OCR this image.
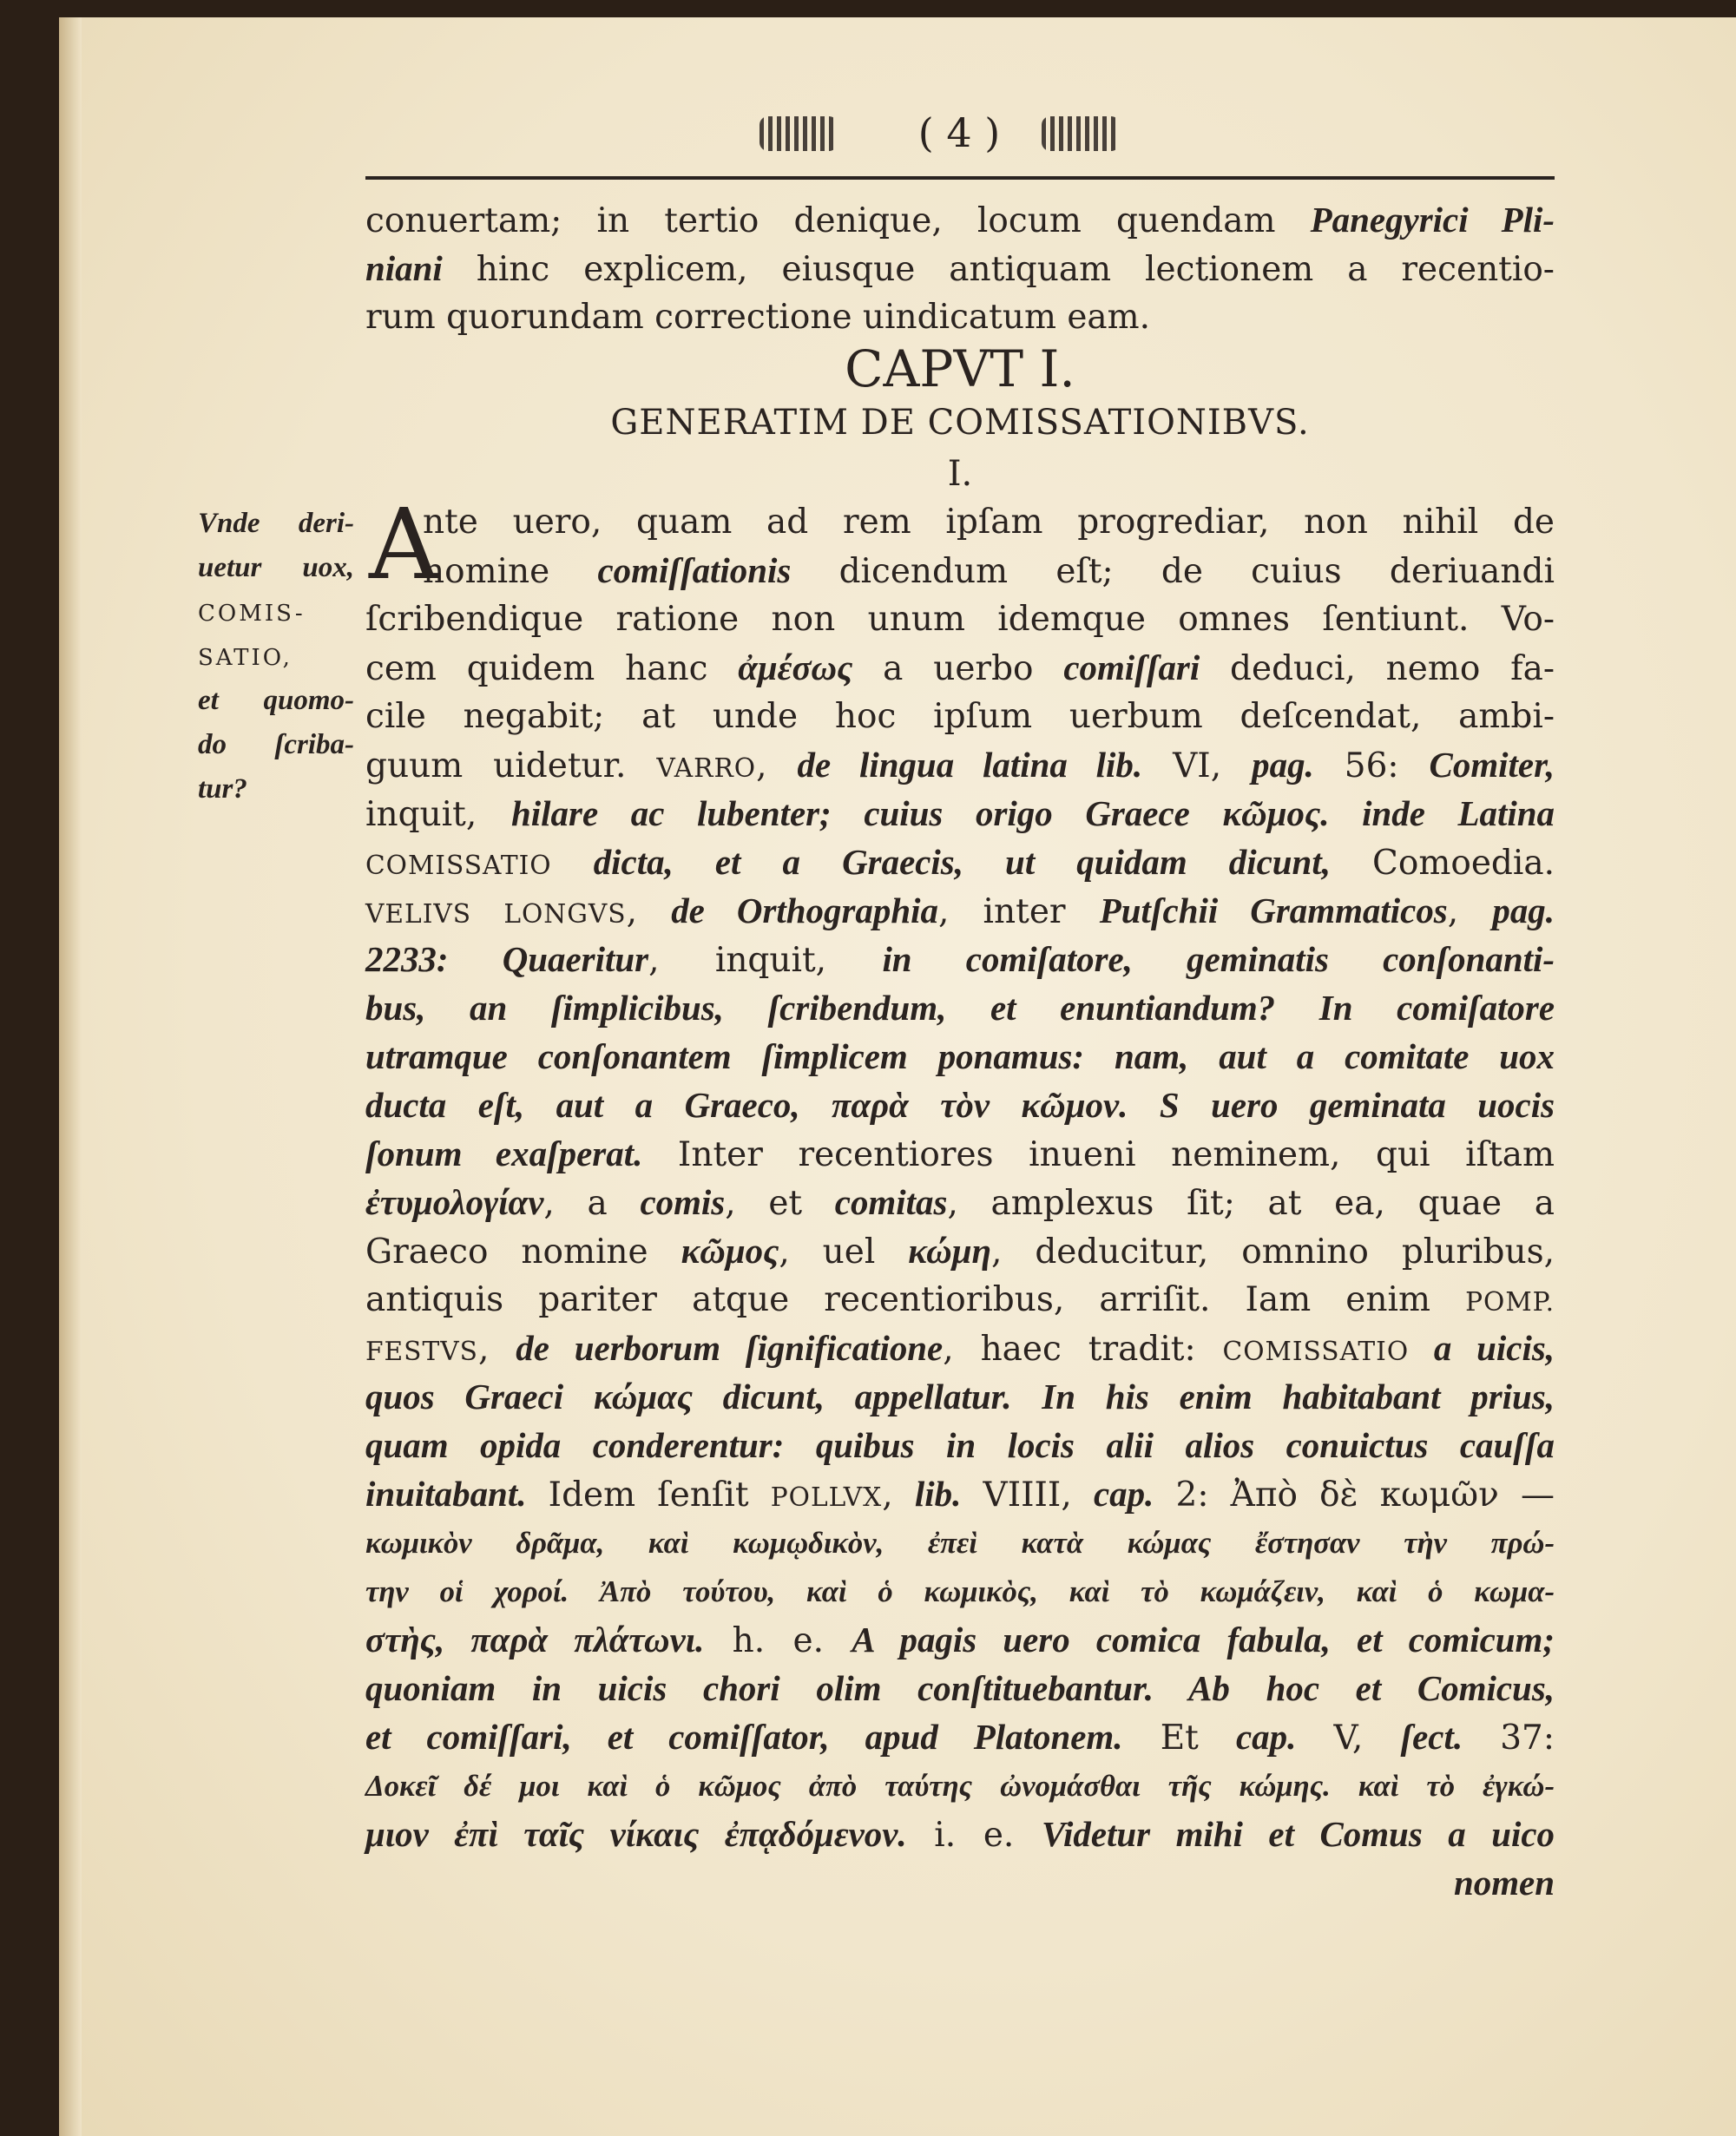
( 4 )
Vnde deri-
uetur uox,
COMIS-
SATIO,
et quomo-
do ſcriba-
tur?
conuertam; in tertio denique, locum quendam Panegyrici Pli-
niani hinc explicem, eiusque antiquam lectionem a recentio-
rum quorundam correctione uindicatum eam.
CAPVT I.
GENERATIM DE COMISSATIONIBVS.
I.
A
nte uero, quam ad rem ipſam progrediar, non nihil de
nomine comiſſationis dicendum eſt; de cuius deriuandi
ſcribendique ratione non unum idemque omnes ſentiunt. Vo-
cem quidem hanc ἀμέσως a uerbo comiſſari deduci, nemo fa-
cile negabit; at unde hoc ipſum uerbum deſcendat, ambi-
guum uidetur. VARRO, de lingua latina lib. VI, pag. 56: Comiter,
inquit, hilare ac lubenter; cuius origo Graece κῶμος. inde Latina
COMISSATIO dicta, et a Graecis, ut quidam dicunt, Comoedia.
VELIVS LONGVS, de Orthographia, inter Putſchii Grammaticos, pag.
2233: Quaeritur, inquit, in comiſatore, geminatis conſonanti-
bus, an ſimplicibus, ſcribendum, et enuntiandum? In comiſatore
utramque conſonantem ſimplicem ponamus: nam, aut a comitate uox
ducta eſt, aut a Graeco, παρὰ τὸν κῶμον. S uero geminata uocis
ſonum exaſperat. Inter recentiores inueni neminem, qui iſtam
ἐτυμολογίαν, a comis, et comitas, amplexus ſit; at ea, quae a
Graeco nomine κῶμος, uel κώμη, deducitur, omnino pluribus,
antiquis pariter atque recentioribus, arriſit. Iam enim POMP.
FESTVS, de uerborum ſignificatione, haec tradit: COMISSATIO a uicis,
quos Graeci κώμας dicunt, appellatur. In his enim habitabant prius,
quam opida conderentur: quibus in locis alii alios conuictus cauſſa
inuitabant. Idem ſenſit POLLVX, lib. VIIII, cap. 2: Ἀπὸ δὲ κωμῶν —
κωμικὸν δρᾶμα, καὶ κωμῳδικὸν, ἐπεὶ κατὰ κώμας ἔστησαν τὴν πρώ-
την οἱ χοροί. Ἀπὸ τούτου, καὶ ὁ κωμικὸς, καὶ τὸ κωμάζειν, καὶ ὁ κωμα-
στὴς, παρὰ πλάτωνι. h. e. A pagis uero comica fabula, et comicum;
quoniam in uicis chori olim conſtituebantur. Ab hoc et Comicus,
et comiſſari, et comiſſator, apud Platonem. Et cap. V, ſect. 37:
Δοκεῖ δέ μοι καὶ ὁ κῶμος ἀπὸ ταύτης ὠνομάσθαι τῆς κώμης. καὶ τὸ ἐγκώ-
μιον ἐπὶ ταῖς νίκαις ἐπᾳδόμενον. i. e. Videtur mihi et Comus a uico
nomen
